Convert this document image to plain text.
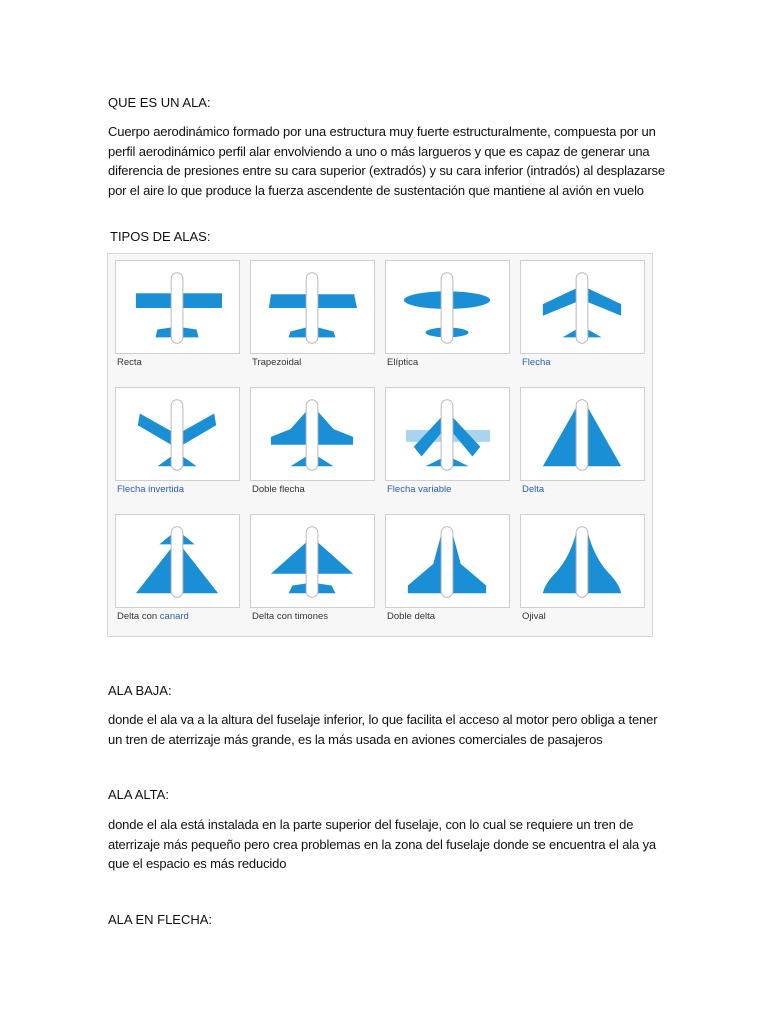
QUE ES UN ALA:
Cuerpo aerodinámico formado por una estructura muy fuerte estructuralmente, compuesta por un perfil aerodinámico perfil alar envolviendo a uno o más largueros y que es capaz de generar una diferencia de presiones entre su cara superior (extradós) y su cara inferior (intradós) al desplazarse por el aire lo que produce la fuerza ascendente de sustentación que mantiene al avión en vuelo
TIPOS DE ALAS:
Recta	Trapezoidal	Elíptica	Flecha
Flecha invertida	Doble flecha	Flecha variable	Delta
Delta con canard	Delta con timones	Doble delta	Ojival
ALA BAJA:
donde el ala va a la altura del fuselaje inferior, lo que facilita el acceso al motor pero obliga a tener un tren de aterrizaje más grande, es la más usada en aviones comerciales de pasajeros
ALA ALTA:
donde el ala está instalada en la parte superior del fuselaje, con lo cual se requiere un tren de aterrizaje más pequeño pero crea problemas en la zona del fuselaje donde se encuentra el ala ya que el espacio es más reducido
ALA EN FLECHA:
